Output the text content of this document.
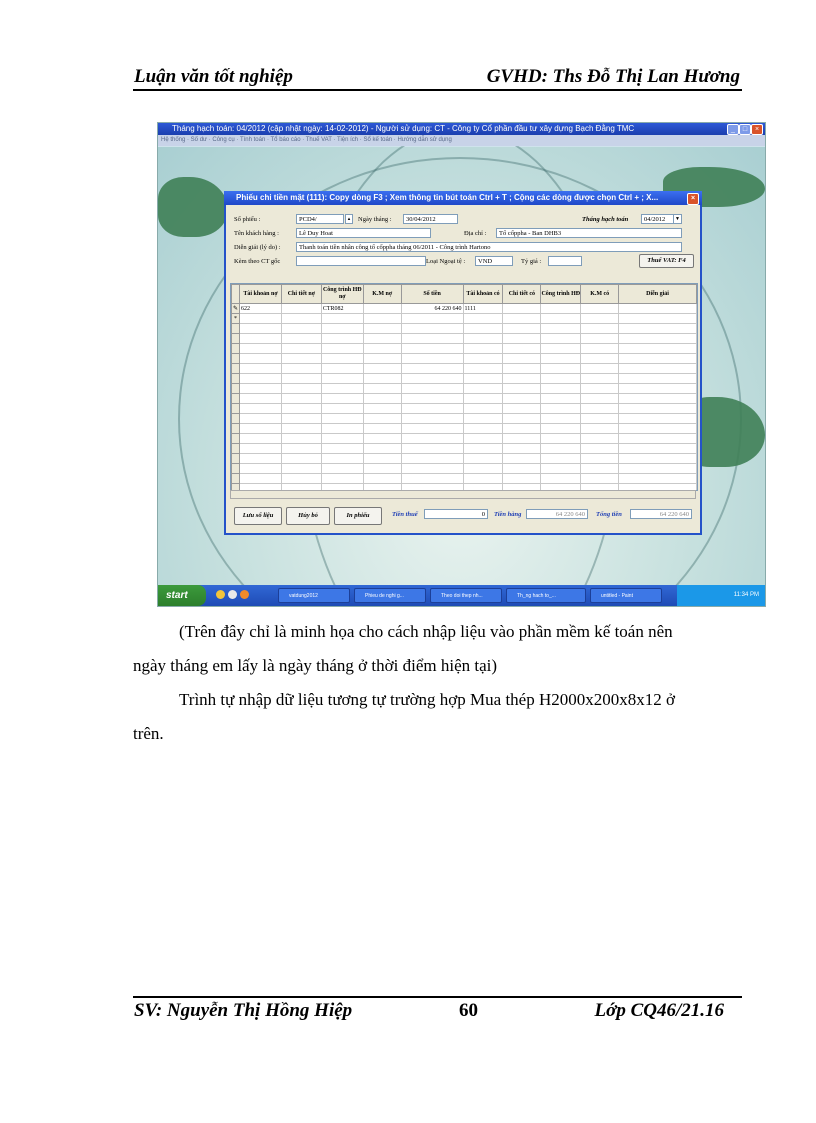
Luận văn tốt nghiệp	GVHD: Ths Đỗ Thị Lan Hương
Tháng hạch toán: 04/2012 (cập nhật ngày: 14-02-2012) - Người sử dụng: CT - Công ty Cổ phần đầu tư xây dựng Bạch Đằng TMC	_	□	×
Hệ thống · Số dư · Công cụ · Tính toán · Tổ báo cáo · Thuế VAT · Tiện ích · Sổ kế toán · Hướng dẫn sử dụng
Phiếu chi tiền mặt (111): Copy dòng F3 ; Xem thông tin bút toán Ctrl + T ; Cộng các dòng được chọn Ctrl + ; X...	×
Số phiếu :	PCD4/	▴	Ngày tháng :	30/04/2012	Tháng hạch toán	04/2012	▼
Tên khách hàng :	Lê Duy Hoat	Địa chỉ :	Tổ cốppha - Ban DHB3
Diễn giải (lý do) :	Thanh toán tiền nhân công tổ cốppha tháng 06/2011 - Công trình Hartono
Kèm theo CT gốc	Loại Ngoại tệ :	VND	Tỷ giá :	Thuế VAT: F4
	Tài khoản nợ	Chi tiết nợ	Công trình HĐ nợ	K.M nợ	Số tiền	Tài khoản có	Chi tiết có	Công trình HĐ	K.M có	Diễn giải
✎	622		CTR082		64 220 640	1111				
*										

Lưu số liệu	Hủy bỏ	In phiếu	Tiền thuế	0	Tiền hàng	64 220 640	Tổng tiền	64 220 640
start	vatdung2012	Phieu de nghi g...	Theo doi thep nh...	Th_ng hach to_...	untitled - Paint	11:34 PM
(Trên đây chỉ là minh họa cho cách nhập liệu vào phần mềm kế toán nên
ngày tháng em lấy là ngày tháng ở thời điểm hiện tại)
Trình tự nhập dữ liệu tương tự trường hợp Mua thép H2000x200x8x12 ở
trên.
SV: Nguyễn Thị Hồng Hiệp	60	Lớp CQ46/21.16
